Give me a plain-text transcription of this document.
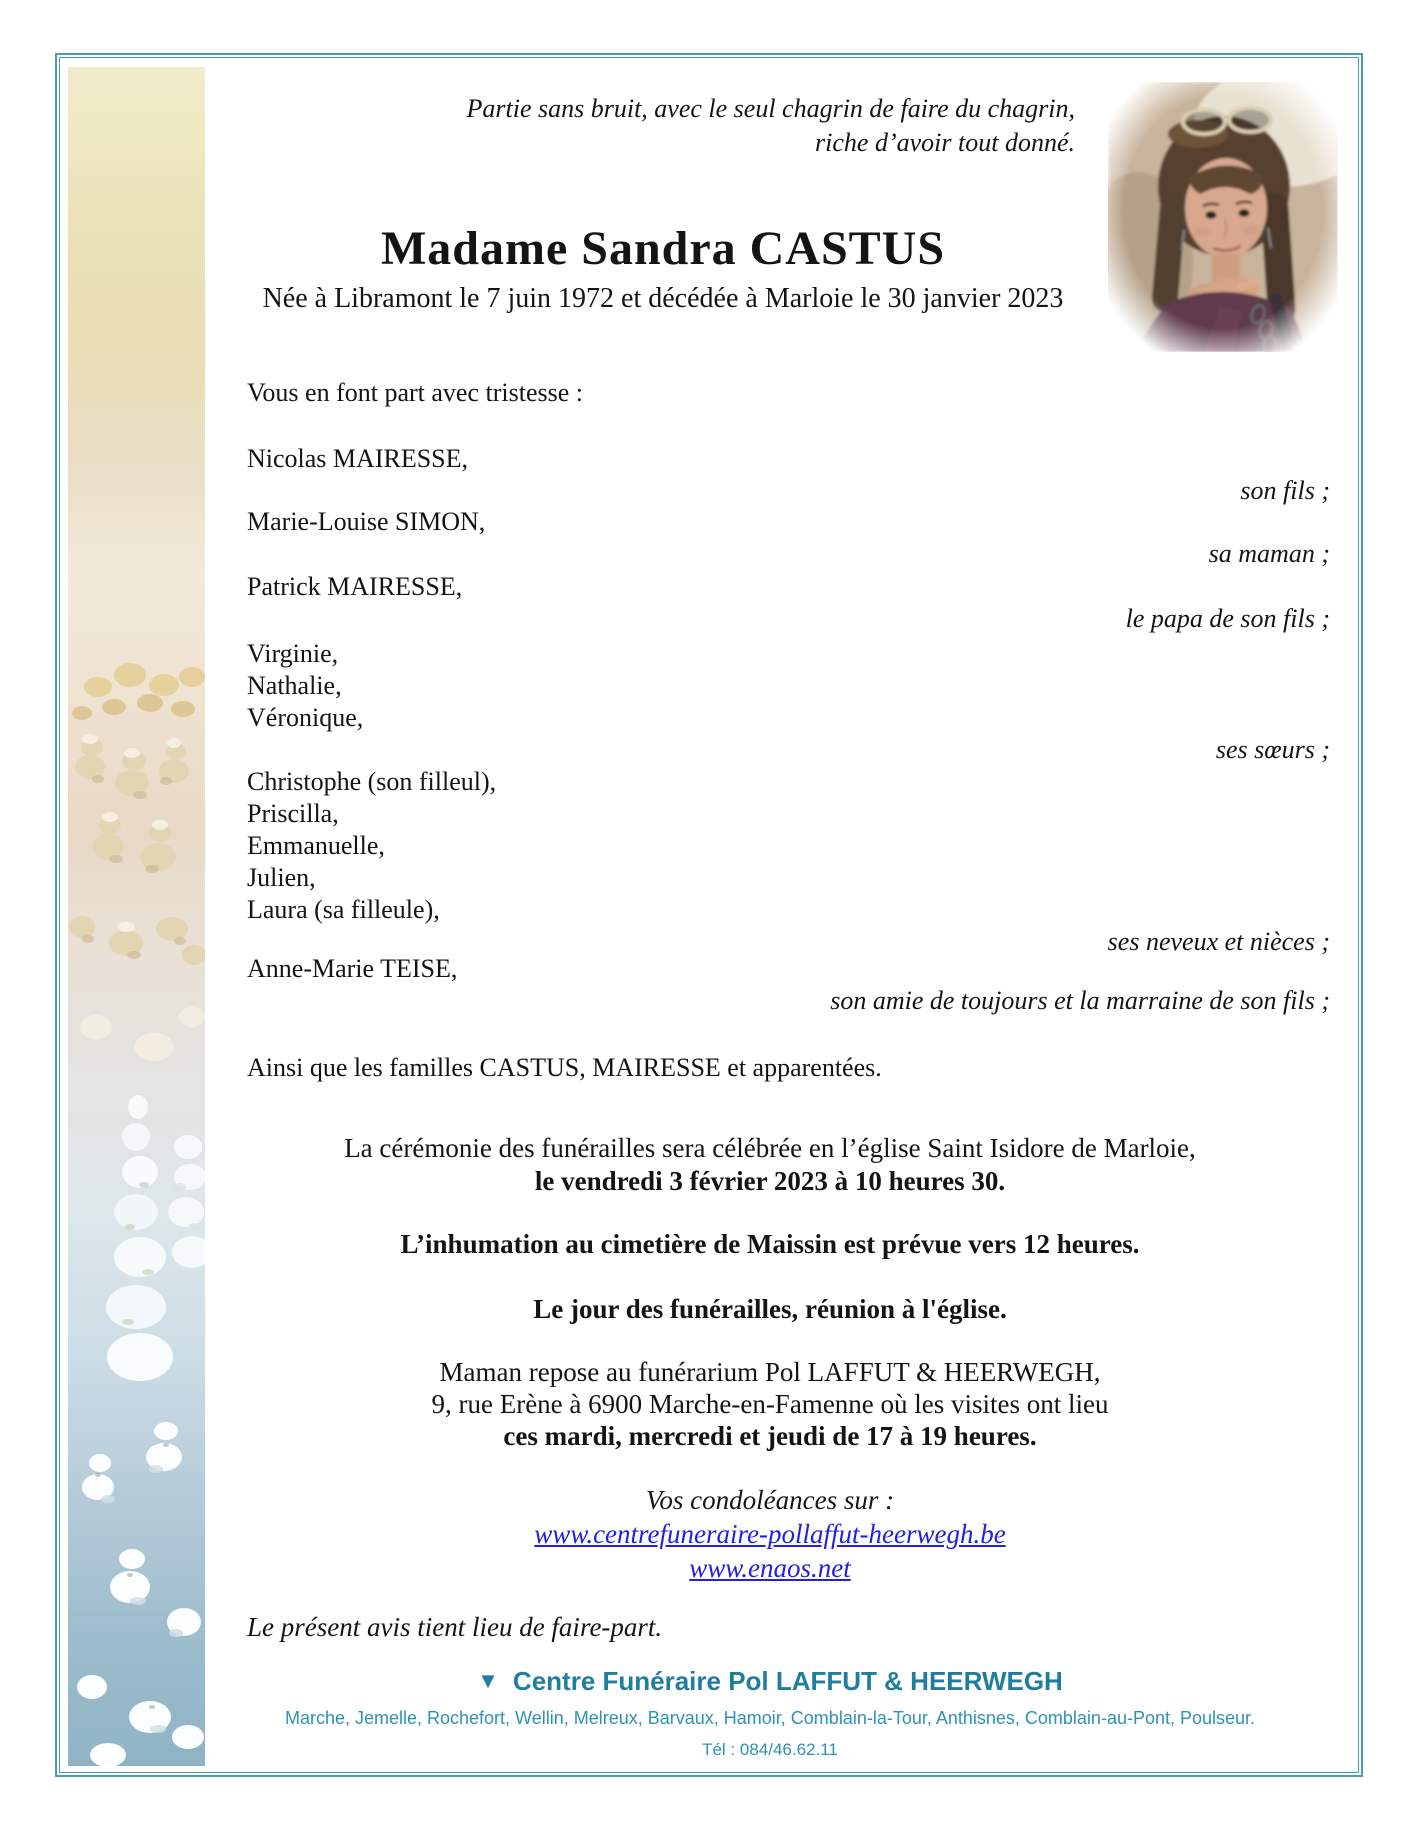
Partie sans bruit, avec le seul chagrin de faire du chagrin,
riche d’avoir tout donné.
Madame Sandra CASTUS
Née à Libramont le 7 juin 1972 et décédée à Marloie le 30 janvier 2023
Vous en font part avec tristesse :
Nicolas MAIRESSE,
son fils ;
Marie-Louise SIMON,
sa maman ;
Patrick MAIRESSE,
le papa de son fils ;
Virginie,
Nathalie,
Véronique,
ses sœurs ;
Christophe (son filleul),
Priscilla,
Emmanuelle,
Julien,
Laura (sa filleule),
ses neveux et nièces ;
Anne-Marie TEISE,
son amie de toujours et la marraine de son fils ;
Ainsi que les familles CASTUS, MAIRESSE et apparentées.
La cérémonie des funérailles sera célébrée en l’église Saint Isidore de Marloie,
le vendredi 3 février 2023 à 10 heures 30.
L’inhumation au cimetière de Maissin est prévue vers 12 heures.
Le jour des funérailles, réunion à l'église.
Maman repose au funérarium Pol LAFFUT & HEERWEGH,
9, rue Erène à 6900 Marche-en-Famenne où les visites ont lieu
ces mardi, mercredi et jeudi de 17 à 19 heures.
Vos condoléances sur :
www.centrefuneraire-pollaffut-heerwegh.be
www.enaos.net
Le présent avis tient lieu de faire-part.
▼ Centre Funéraire Pol LAFFUT & HEERWEGH
Marche, Jemelle, Rochefort, Wellin, Melreux, Barvaux, Hamoir, Comblain-la-Tour, Anthisnes, Comblain-au-Pont, Poulseur.
Tél : 084/46.62.11
